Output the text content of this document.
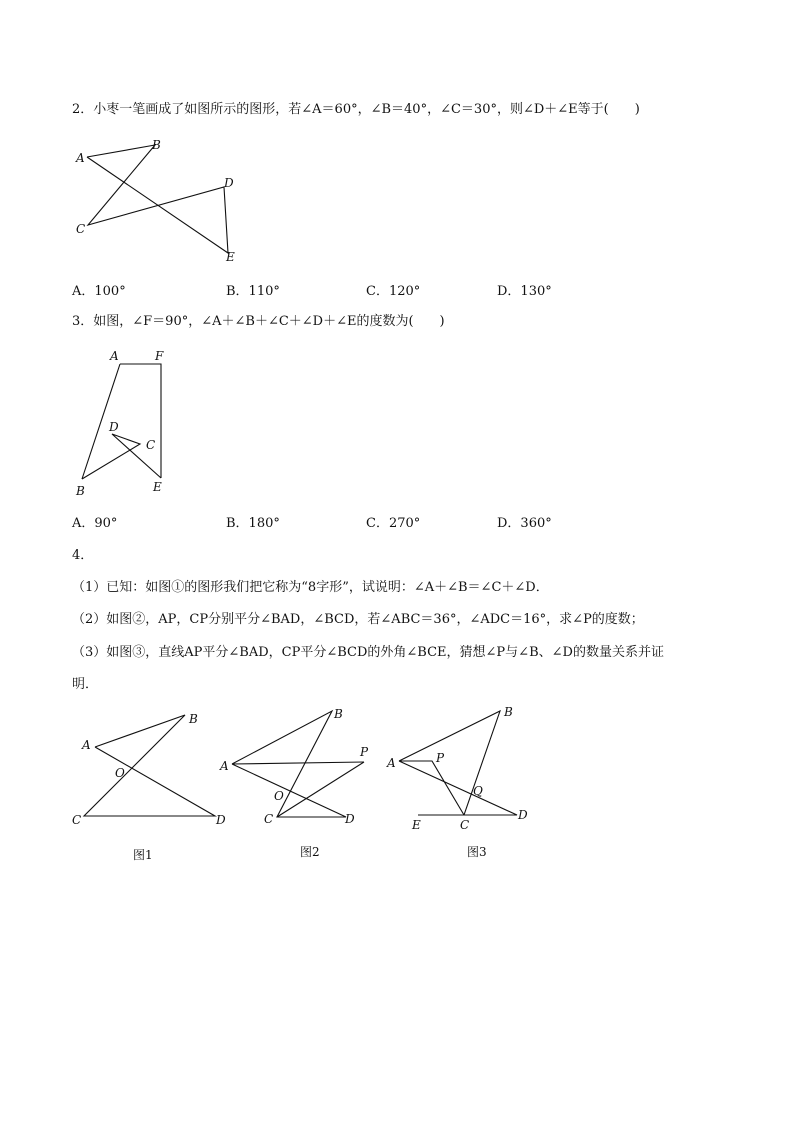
2．小枣一笔画成了如图所示的图形，若∠A＝60°，∠B＝40°，∠C＝30°，则∠D＋∠E等于(　　)
A
B
C
D
E
A．100°	B．110°	C．120°	D．130°
3．如图，∠F＝90°，∠A＋∠B＋∠C＋∠D＋∠E的度数为(　　)
A	F
D
C
B	E
A．90°	B．180°	C．270°	D．360°
4．
（1）已知：如图①的图形我们把它称为“8字形”，试说明：∠A＋∠B＝∠C＋∠D．
（2）如图②，AP，CP分别平分∠BAD，∠BCD，若∠ABC＝36°，∠ADC＝16°，求∠P的度数；
（3）如图③，直线AP平分∠BAD，CP平分∠BCD的外角∠BCE，猜想∠P与∠B、∠D的数量关系并证
明．
A
B
O
C	D
图1
A
B
P
O
C	D
图2
A
B
P
Q
E	C
D
图3
